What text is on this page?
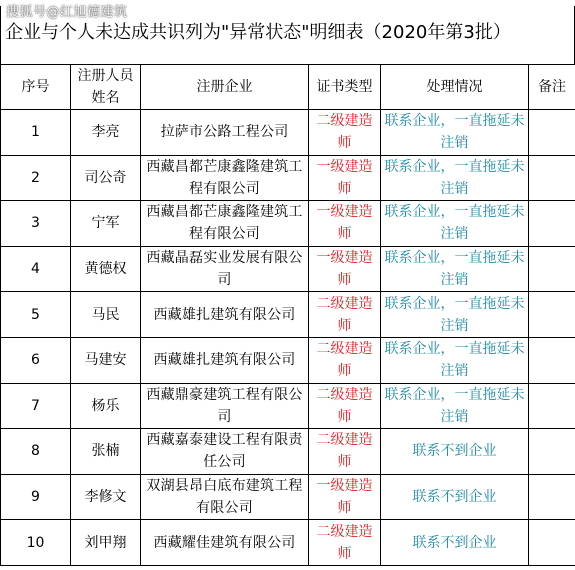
搜狐号@红旭德建筑
企业与个人未达成共识列为"异常状态"明细表（2020年第3批）
序号	注册人员姓名	注册企业	证书类型	处理情况	备注
1	李亮	拉萨市公路工程公司	二级建造师	联系企业，一直拖延未注销	
2	司公奇	西藏昌都芒康鑫隆建筑工程有限公司	一级建造师	联系企业，一直拖延未注销	
3	宁军	西藏昌都芒康鑫隆建筑工程有限公司	一级建造师	联系企业，一直拖延未注销	
4	黄德权	西藏晶磊实业发展有限公司	一级建造师	联系企业，一直拖延未注销	
5	马民	西藏雄扎建筑有限公司	二级建造师	联系企业，一直拖延未注销	
6	马建安	西藏雄扎建筑有限公司	二级建造师	联系企业，一直拖延未注销	
7	杨乐	西藏鼎豪建筑工程有限公司	二级建造师	联系企业，一直拖延未注销	
8	张楠	西藏嘉泰建设工程有限责任公司	二级建造师	联系不到企业	
9	李修文	双湖县昂白底布建筑工程有限公司	一级建造师	联系不到企业	
10	刘甲翔	西藏耀佳建筑有限公司	二级建造师	联系不到企业	
